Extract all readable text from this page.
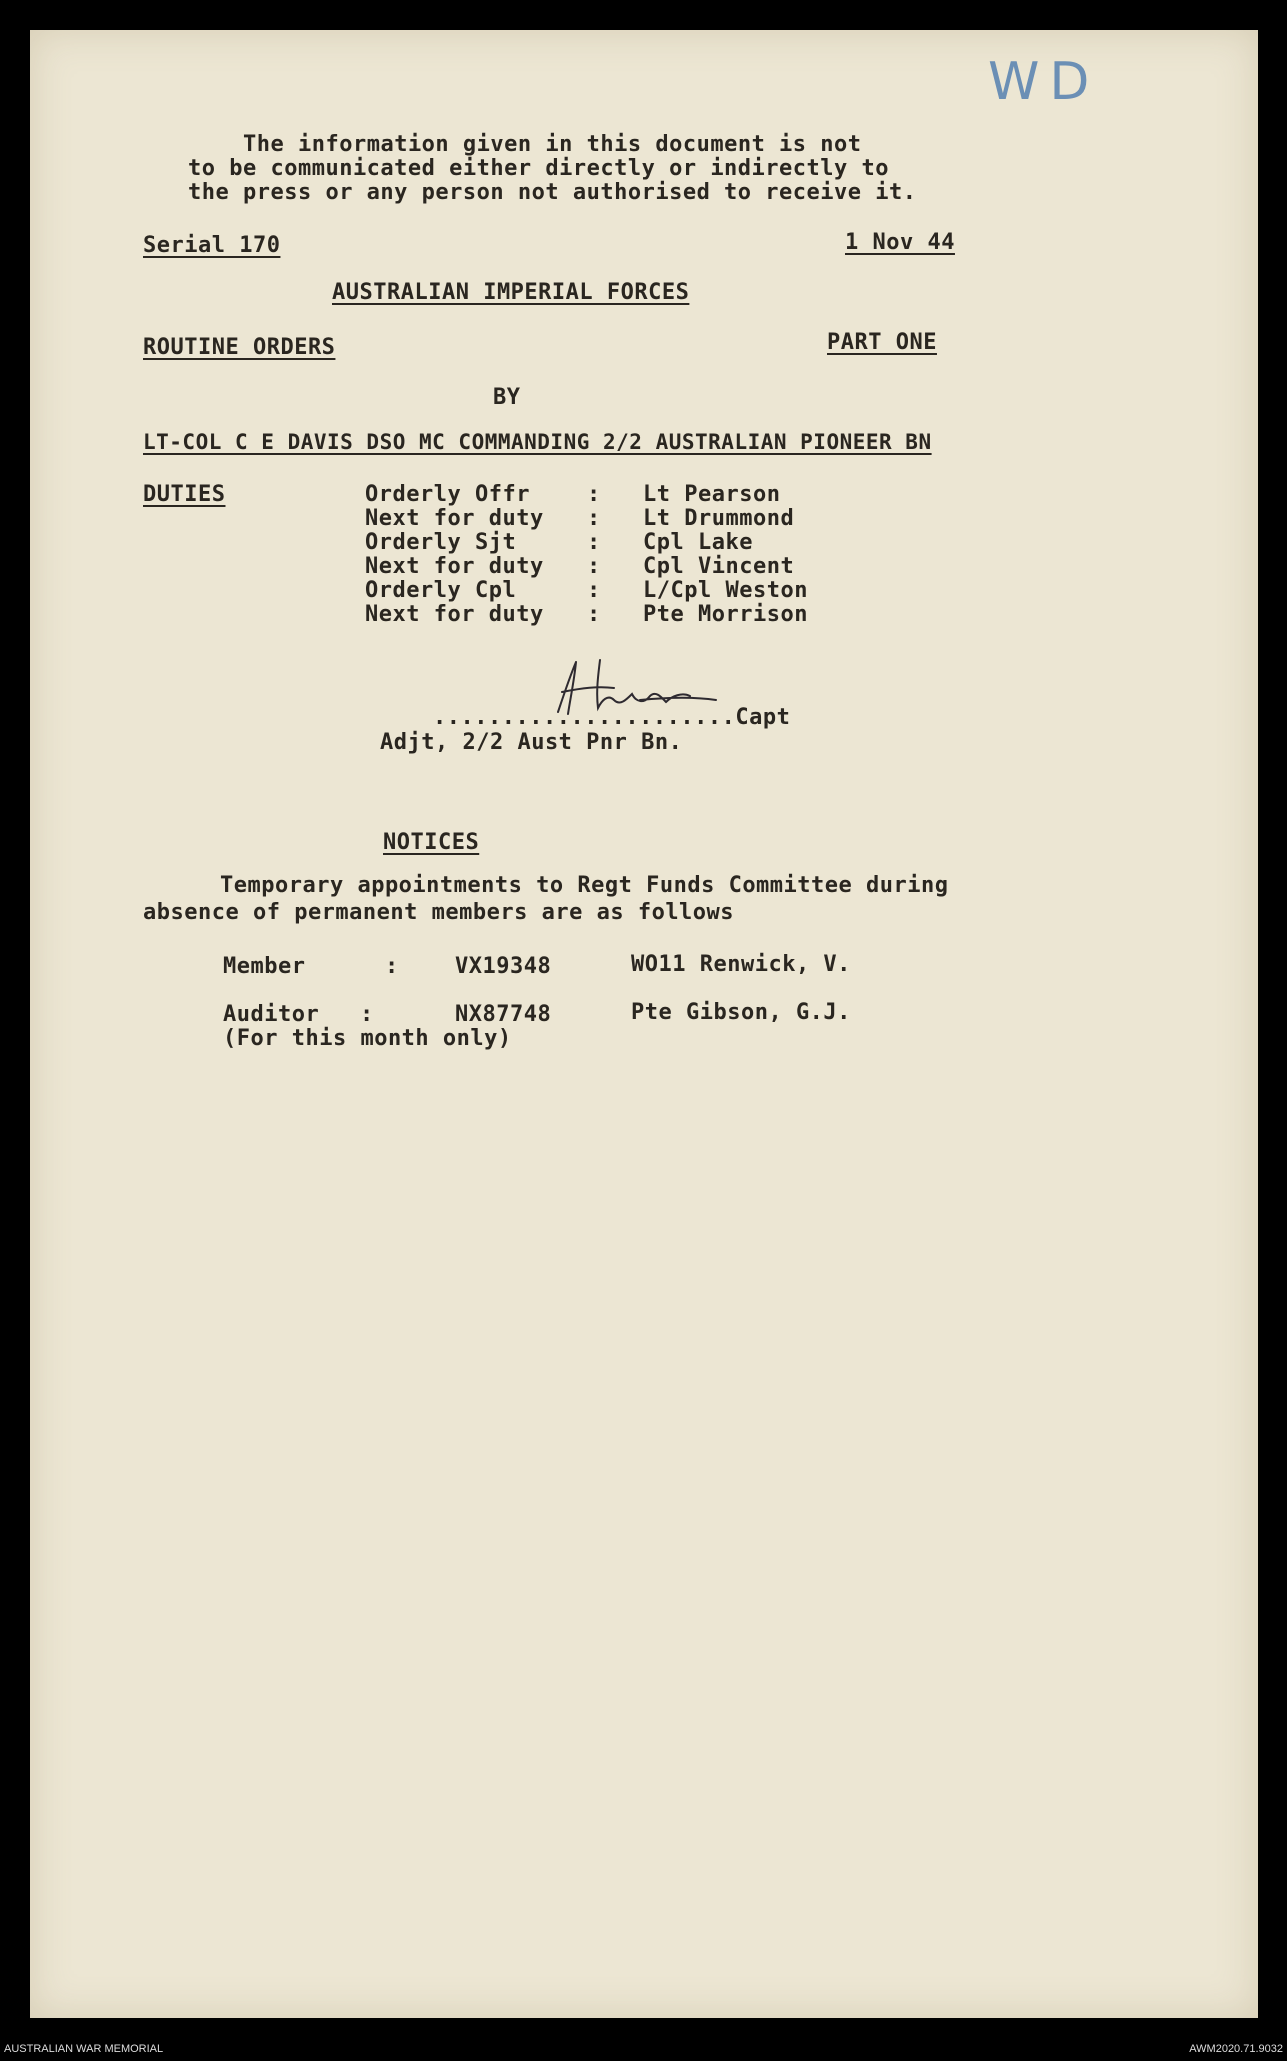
WD
The information given in this document is not
to be communicated either directly or indirectly to
the press or any person not authorised to receive it.
Serial 170	1 Nov 44
AUSTRALIAN IMPERIAL FORCES
ROUTINE ORDERS	PART ONE
BY
LT-COL C E DAVIS DSO MC COMMANDING 2/2 AUSTRALIAN PIONEER BN
DUTIES	Orderly Offr	: Lt Pearson
Next for duty : Lt Drummond
Orderly Sjt	: Cpl Lake
Next for duty : Cpl Vincent
Orderly Cpl	: L/Cpl Weston
Next for duty : Pte Morrison
......................Capt
Adjt, 2/2 Aust Pnr Bn.
NOTICES
Temporary appointments to Regt Funds Committee during
absence of permanent members are as follows
Member	:	VX19348	WO11 Renwick, V.
Auditor :	NX87748	Pte Gibson, G.J.
(For this month only)
AUSTRALIAN WAR MEMORIAL	AWM2020.71.9032
